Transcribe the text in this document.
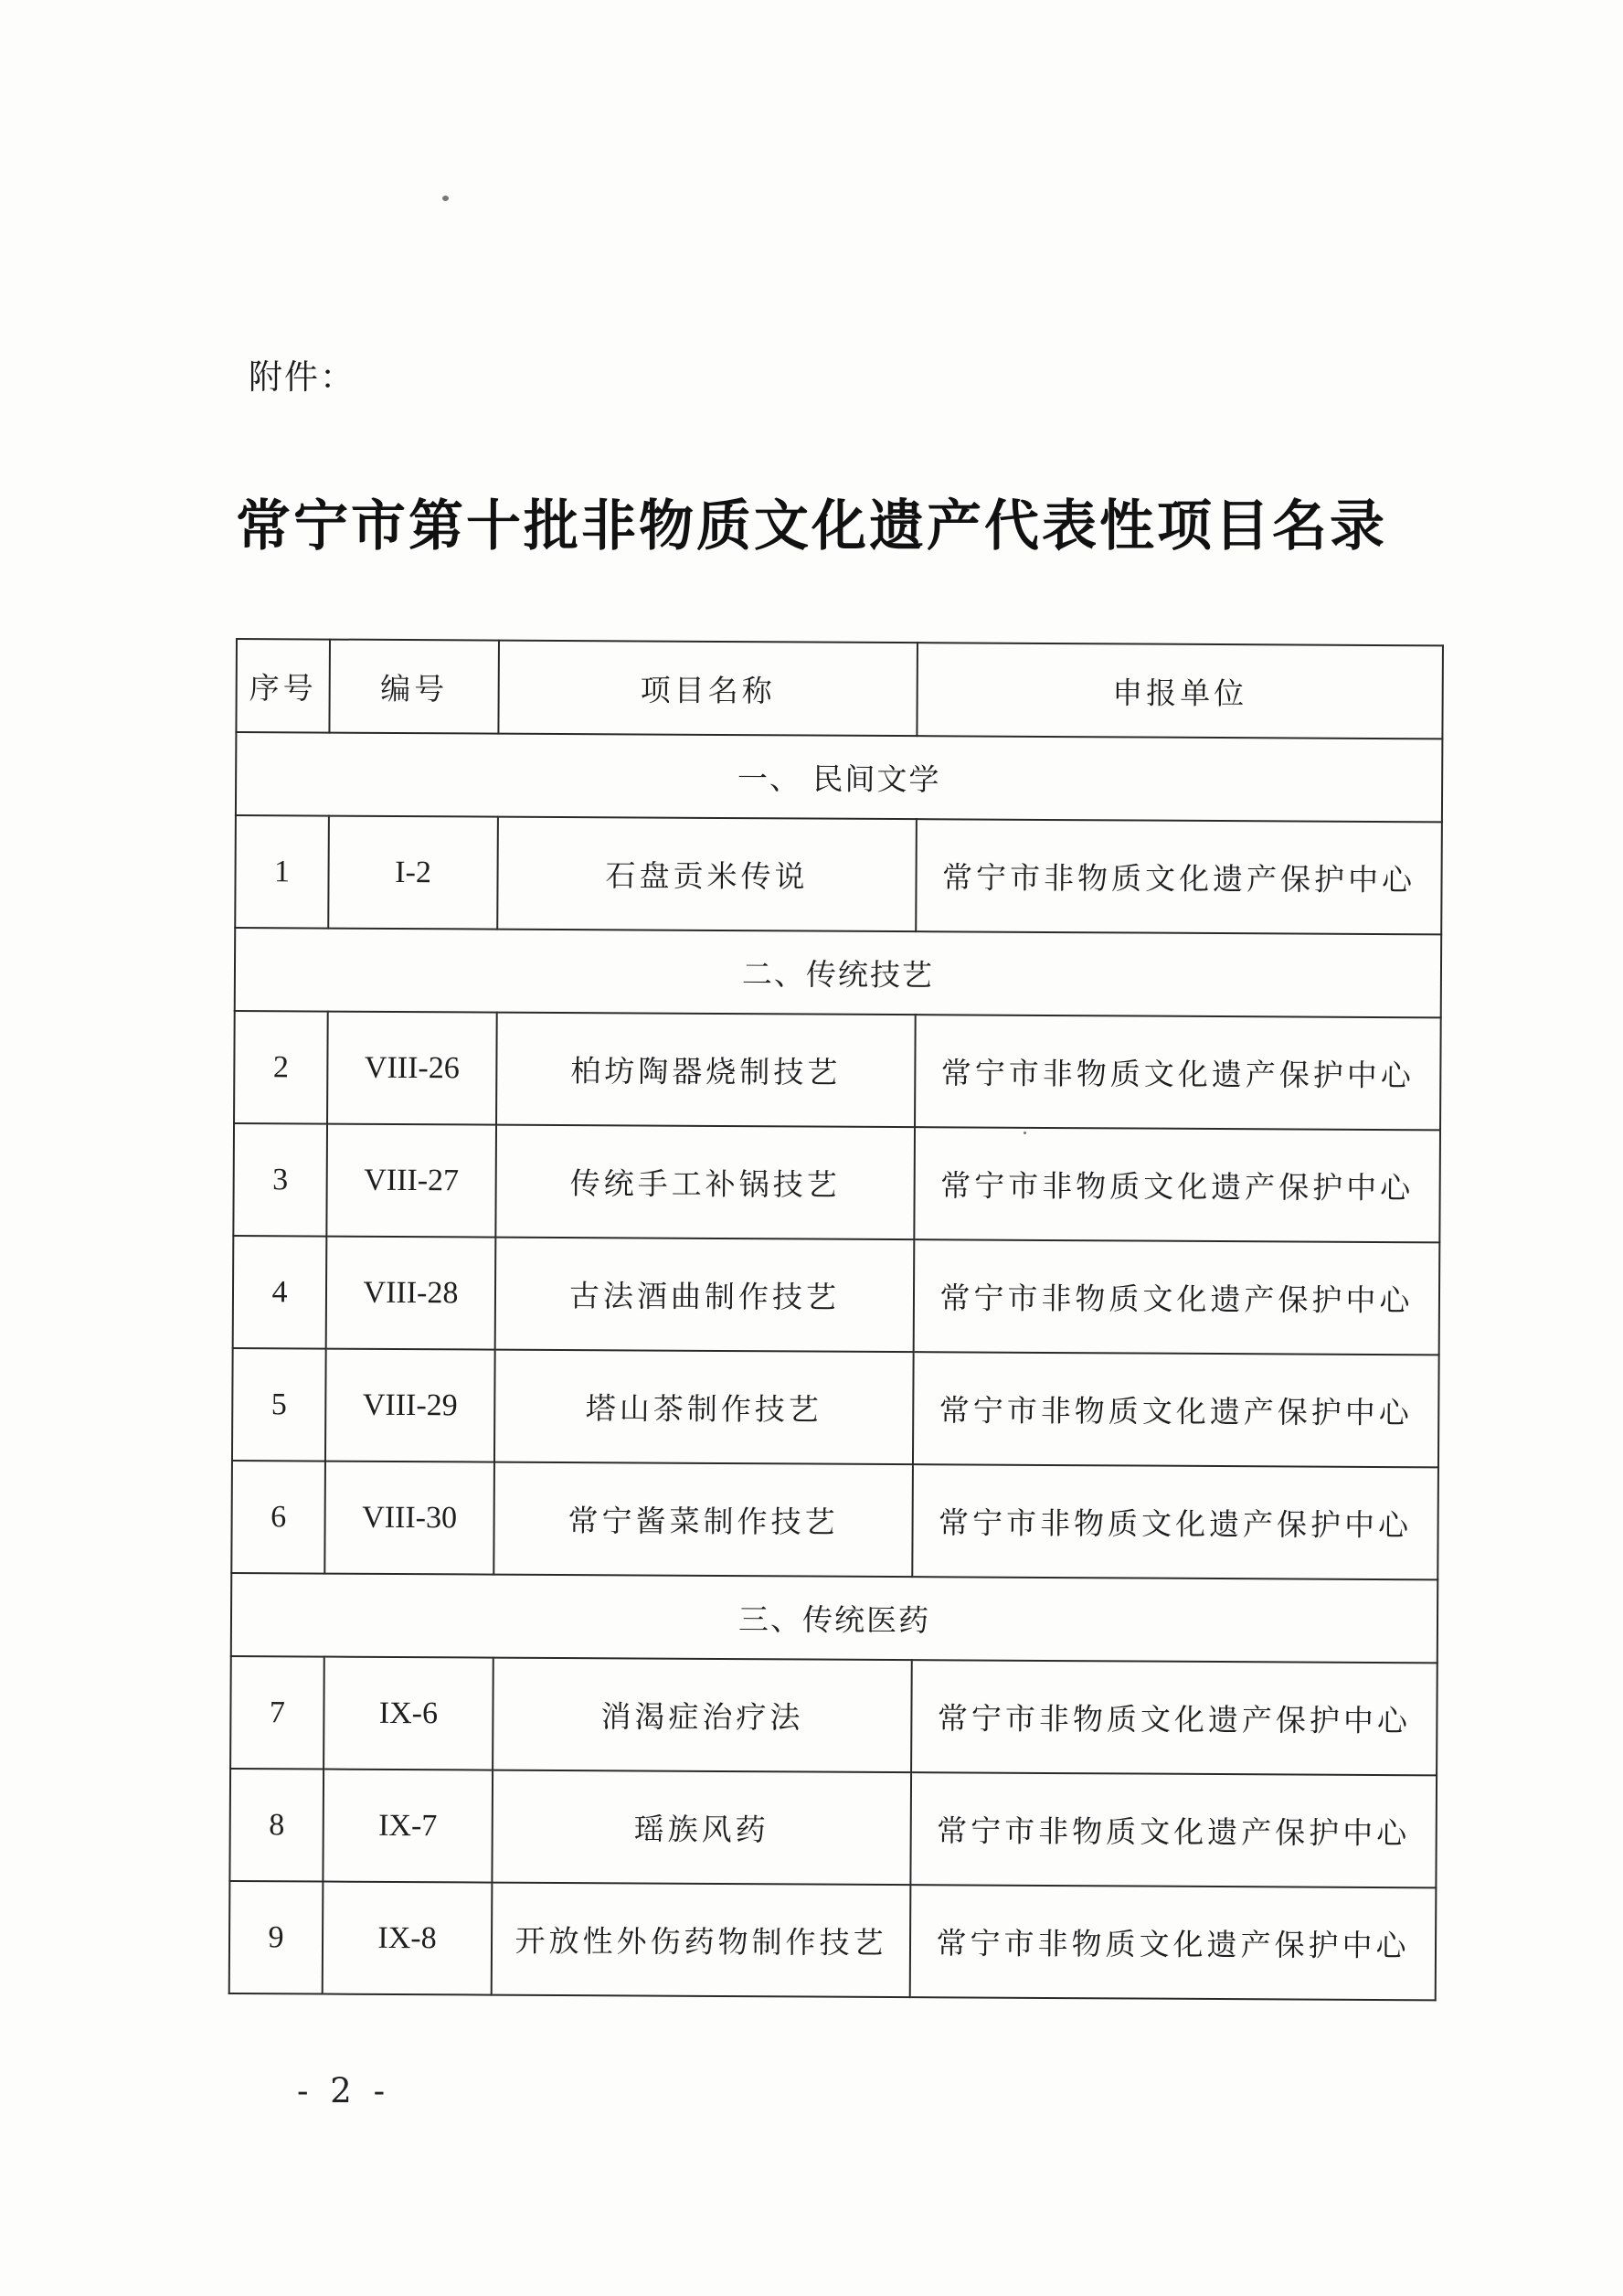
附件：
常宁市第十批非物质文化遗产代表性项目名录
序号	编号	项目名称	申报单位
一、 民间文学			
1	I-2	石盘贡米传说	常宁市非物质文化遗产保护中心
二、传统技艺			
2	VIII-26	柏坊陶器烧制技艺	常宁市非物质文化遗产保护中心
3	VIII-27	传统手工补锅技艺	常宁市非物质文化遗产保护中心
4	VIII-28	古法酒曲制作技艺	常宁市非物质文化遗产保护中心
5	VIII-29	塔山茶制作技艺	常宁市非物质文化遗产保护中心
6	VIII-30	常宁酱菜制作技艺	常宁市非物质文化遗产保护中心
三、传统医药			
7	IX-6	消渴症治疗法	常宁市非物质文化遗产保护中心
8	IX-7	瑶族风药	常宁市非物质文化遗产保护中心
9	IX-8	开放性外伤药物制作技艺	常宁市非物质文化遗产保护中心
- 2 -
